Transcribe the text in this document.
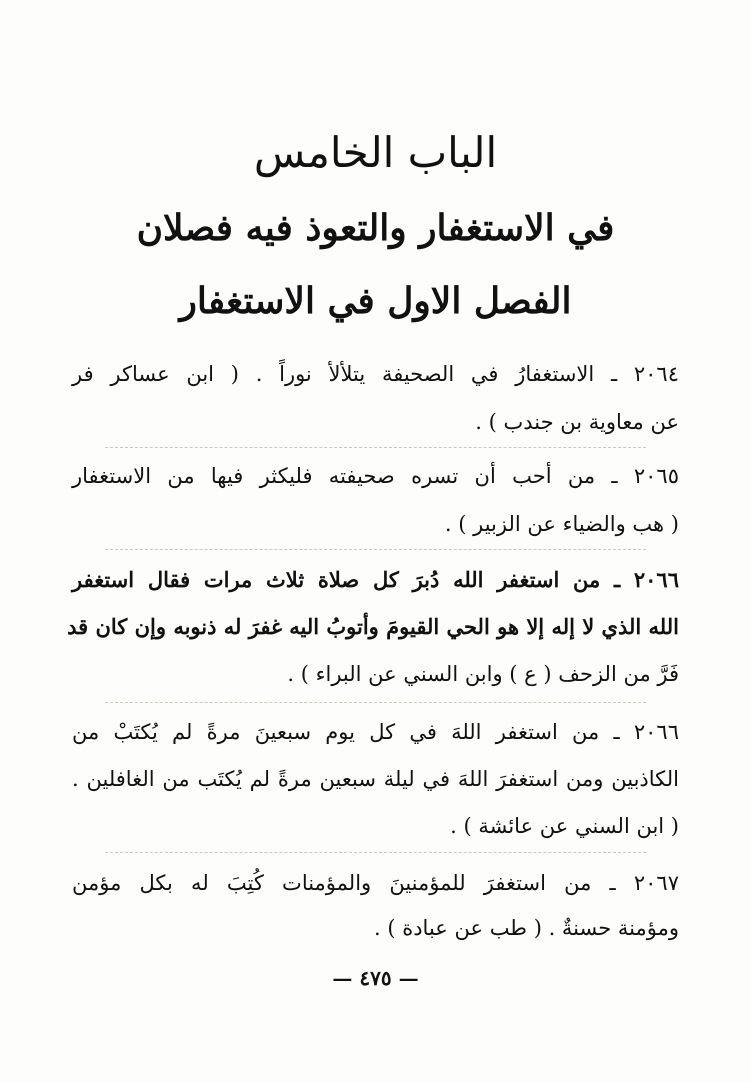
الباب الخامس
في الاستغفار والتعوذ فيه فصلان
الفصل الاول في الاستغفار
٢٠٦٤ ـ الاستغفارُ في الصحيفة يتلألأ نوراً . ( ابن عساكر فر
عن معاوية بن جندب ) .
٢٠٦٥ ـ من أحب أن تسره صحيفته فليكثر فيها من الاستغفار
( هب والضياء عن الزبير ) .
٢٠٦٦ ـ من استغفر الله دُبرَ كل صلاة ثلاث مرات فقال استغفر
الله الذي لا إله إلا هو الحي القيومَ وأتوبُ اليه غفرَ له ذنوبه وإن كان قد
فَرَّ من الزحف ( ع ) وابن السني عن البراء ) .
٢٠٦٦ ـ من استغفر اللهَ في كل يوم سبعينَ مرةً لم يُكتَبْ من
الكاذبين ومن استغفرَ اللهَ في ليلة سبعين مرةً لم يُكتَب من الغافلين .
( ابن السني عن عائشة ) .
٢٠٦٧ ـ من استغفرَ للمؤمنينَ والمؤمنات كُتِبَ له بكل مؤمن
ومؤمنة حسنةٌ . ( طب عن عبادة ) .
— ٤٧٥ —
